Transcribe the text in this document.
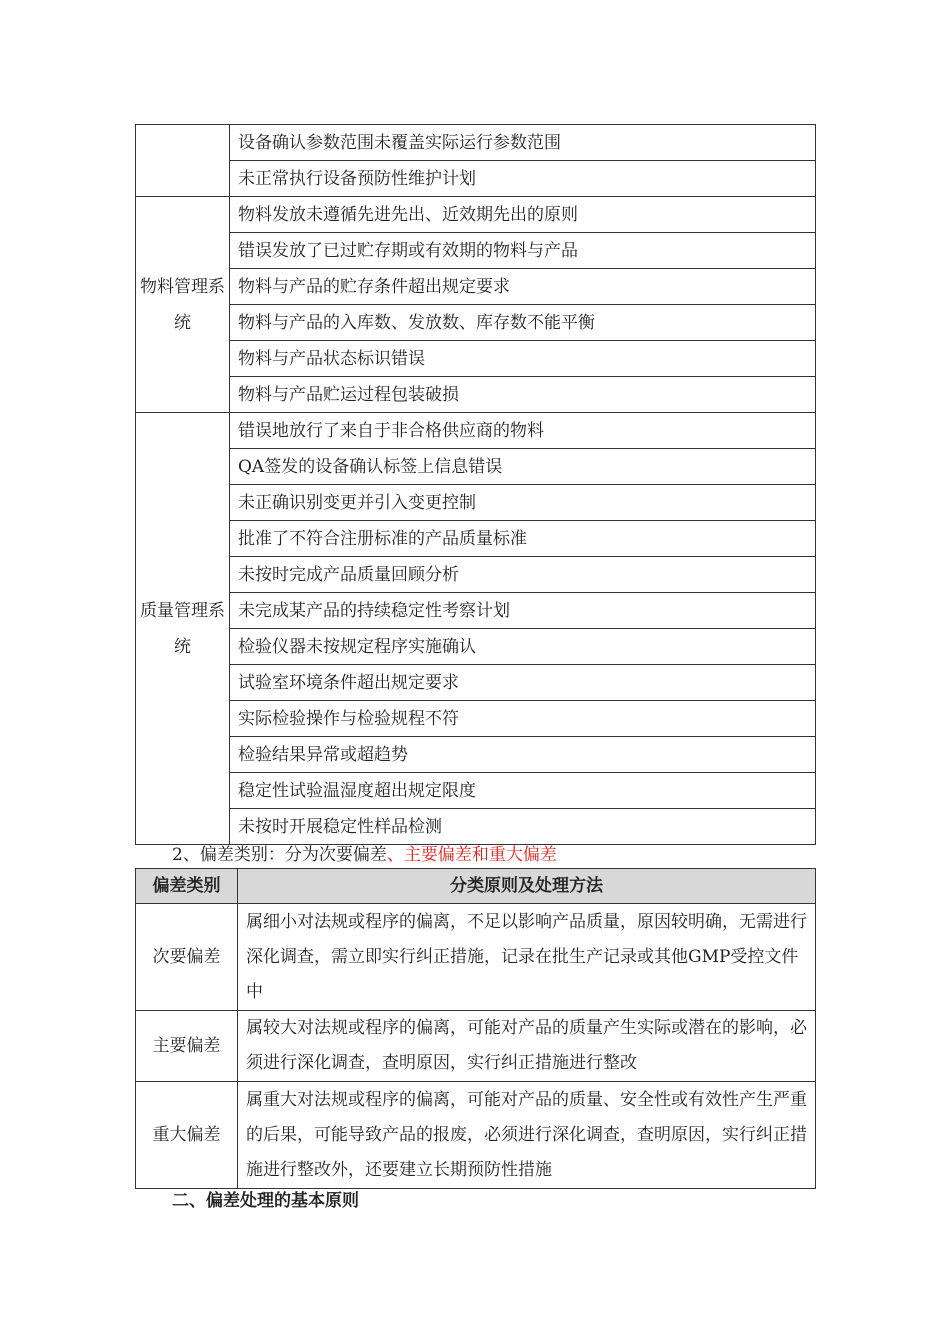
	设备确认参数范围未覆盖实际运行参数范围
	未正常执行设备预防性维护计划
物料管理系统	物料发放未遵循先进先出、近效期先出的原则
	错误发放了已过贮存期或有效期的物料与产品
	物料与产品的贮存条件超出规定要求
	物料与产品的入库数、发放数、库存数不能平衡
	物料与产品状态标识错误
	物料与产品贮运过程包装破损
质量管理系统	错误地放行了来自于非合格供应商的物料
	QA签发的设备确认标签上信息错误
	未正确识别变更并引入变更控制
	批准了不符合注册标准的产品质量标准
	未按时完成产品质量回顾分析
	未完成某产品的持续稳定性考察计划
	检验仪器未按规定程序实施确认
	试验室环境条件超出规定要求
	实际检验操作与检验规程不符
	检验结果异常或超趋势
	稳定性试验温湿度超出规定限度
	未按时开展稳定性样品检测
2、偏差类别：分为次要偏差、主要偏差和重大偏差
偏差类别	分类原则及处理方法
次要偏差	属细小对法规或程序的偏离，不足以影响产品质量，原因较明确，无需进行深化调查，需立即实行纠正措施，记录在批生产记录或其他GMP受控文件中
主要偏差	属较大对法规或程序的偏离，可能对产品的质量产生实际或潜在的影响，必须进行深化调查，查明原因，实行纠正措施进行整改
重大偏差	属重大对法规或程序的偏离，可能对产品的质量、安全性或有效性产生严重的后果，可能导致产品的报废，必须进行深化调查，查明原因，实行纠正措施进行整改外，还要建立长期预防性措施
二、偏差处理的基本原则
